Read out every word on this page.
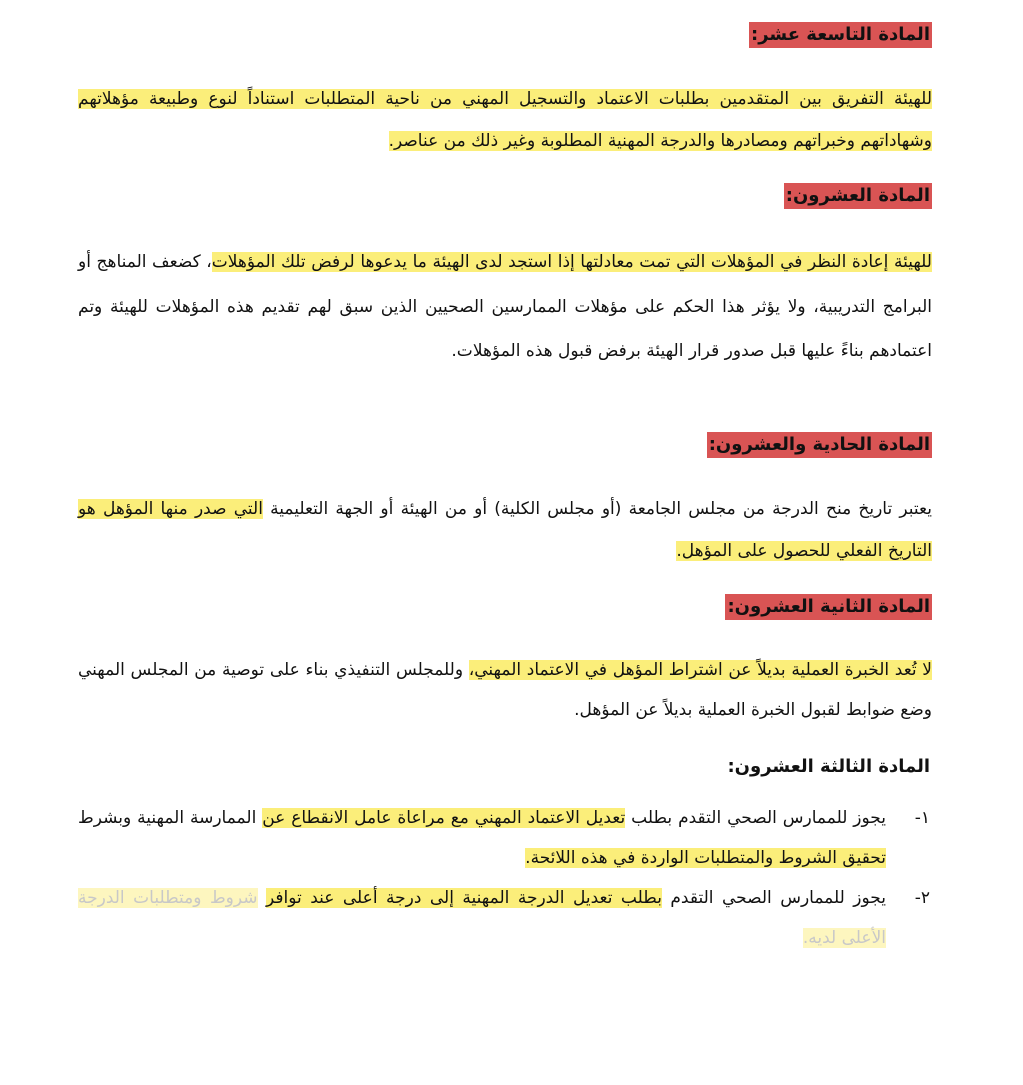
المادة التاسعة عشر:

للهيئة التفريق بين المتقدمين بطلبات الاعتماد والتسجيل المهني من ناحية المتطلبات استناداً لنوع وطبيعة مؤهلاتهم وشهاداتهم وخبراتهم ومصادرها والدرجة المهنية المطلوبة وغير ذلك من عناصر.

المادة العشرون:

للهيئة إعادة النظر في المؤهلات التي تمت معادلتها إذا استجد لدى الهيئة ما يدعوها لرفض تلك المؤهلات، كضعف المناهج أو البرامج التدريبية، ولا يؤثر هذا الحكم على مؤهلات الممارسين الصحيين الذين سبق لهم تقديم هذه المؤهلات للهيئة وتم اعتمادهم بناءً عليها قبل صدور قرار الهيئة برفض قبول هذه المؤهلات.

المادة الحادية والعشرون:

يعتبر تاريخ منح الدرجة من مجلس الجامعة (أو مجلس الكلية) أو من الهيئة أو الجهة التعليمية التي صدر منها المؤهل هو التاريخ الفعلي للحصول على المؤهل.

المادة الثانية العشرون:

لا تُعد الخبرة العملية بديلاً عن اشتراط المؤهل في الاعتماد المهني، وللمجلس التنفيذي بناء على توصية من المجلس المهني وضع ضوابط لقبول الخبرة العملية بديلاً عن المؤهل.

المادة الثالثة العشرون:
١-
يجوز للممارس الصحي التقدم بطلب تعديل الاعتماد المهني مع مراعاة عامل الانقطاع عن الممارسة المهنية وبشرط تحقيق الشروط والمتطلبات الواردة في هذه اللائحة.
٢-
يجوز للممارس الصحي التقدم بطلب تعديل الدرجة المهنية إلى درجة أعلى عند توافر شروط ومتطلبات الدرجة الأعلى لديه.
